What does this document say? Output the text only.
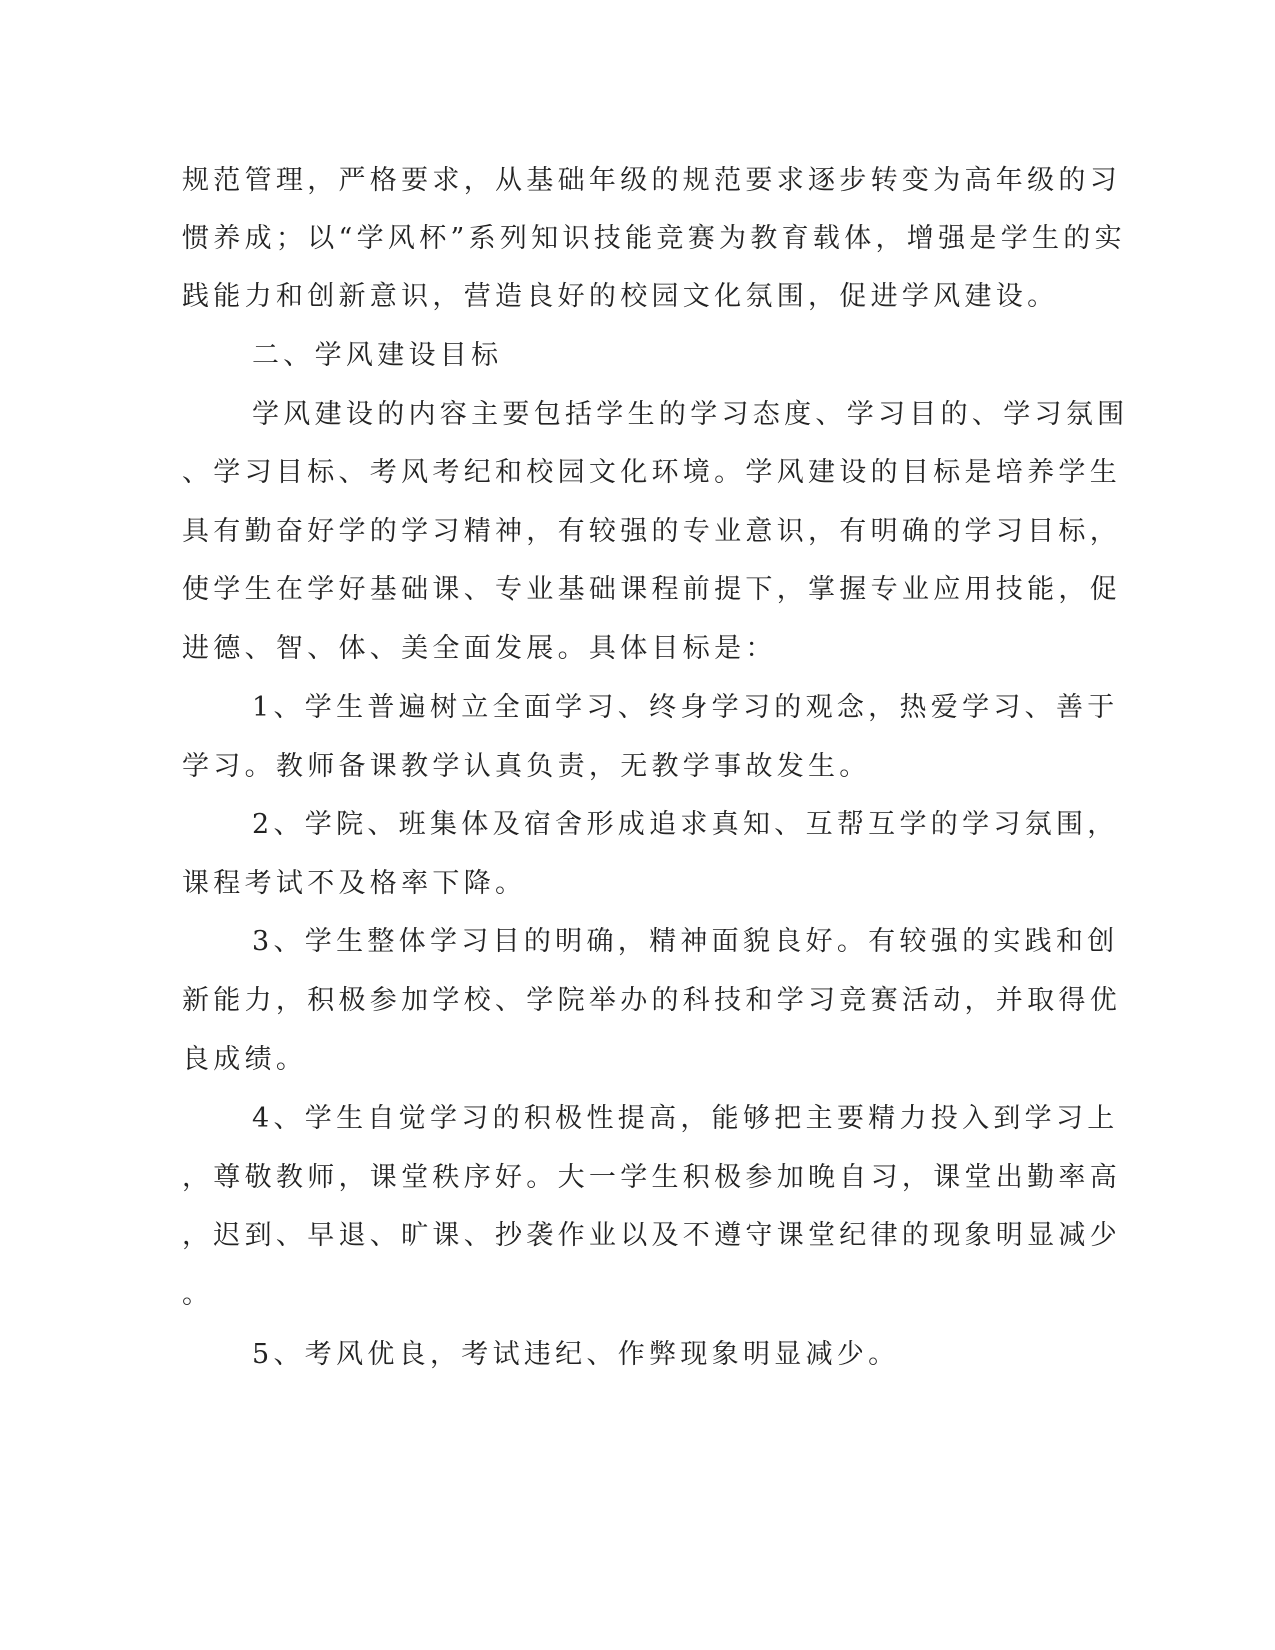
规范管理，严格要求，从基础年级的规范要求逐步转变为高年级的习

惯养成；以“学风杯”系列知识技能竞赛为教育载体，增强是学生的实

践能力和创新意识，营造良好的校园文化氛围，促进学风建设。

二、学风建设目标

学风建设的内容主要包括学生的学习态度、学习目的、学习氛围

、学习目标、考风考纪和校园文化环境。学风建设的目标是培养学生

具有勤奋好学的学习精神，有较强的专业意识，有明确的学习目标，

使学生在学好基础课、专业基础课程前提下，掌握专业应用技能，促

进德、智、体、美全面发展。具体目标是：

1、学生普遍树立全面学习、终身学习的观念，热爱学习、善于

学习。教师备课教学认真负责，无教学事故发生。

2、学院、班集体及宿舍形成追求真知、互帮互学的学习氛围，

课程考试不及格率下降。

3、学生整体学习目的明确，精神面貌良好。有较强的实践和创

新能力，积极参加学校、学院举办的科技和学习竞赛活动，并取得优

良成绩。

4、学生自觉学习的积极性提高，能够把主要精力投入到学习上

，尊敬教师，课堂秩序好。大一学生积极参加晚自习，课堂出勤率高

，迟到、早退、旷课、抄袭作业以及不遵守课堂纪律的现象明显减少

。

5、考风优良，考试违纪、作弊现象明显减少。
